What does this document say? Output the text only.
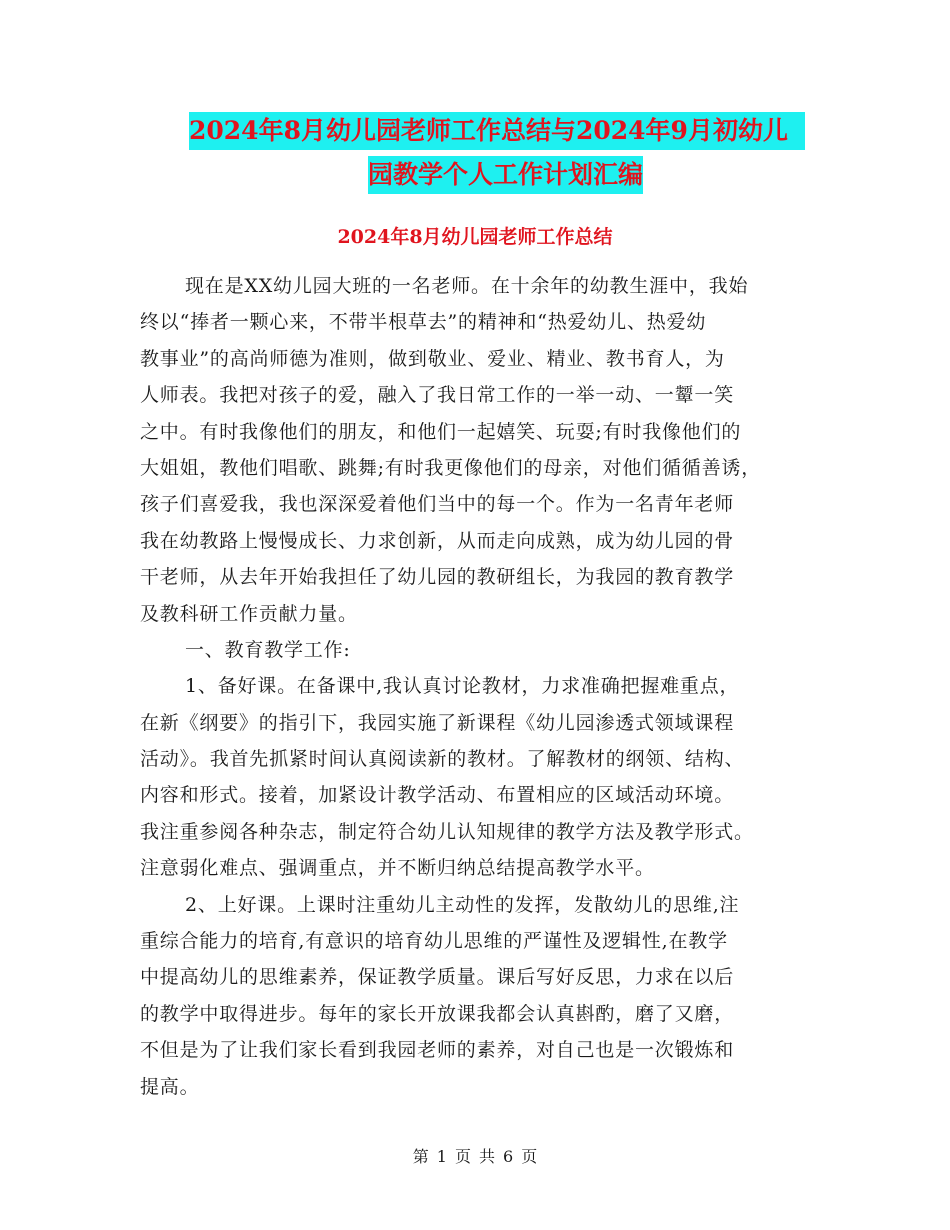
2024年8月幼儿园老师工作总结与2024年9月初幼儿
园教学个人工作计划汇编
2024年8月幼儿园老师工作总结
现在是XX幼儿园大班的一名老师。在十余年的幼教生涯中，我始
终以“捧者一颗心来，不带半根草去”的精神和“热爱幼儿、热爱幼
教事业”的高尚师德为准则，做到敬业、爱业、精业、教书育人，为
人师表。我把对孩子的爱，融入了我日常工作的一举一动、一颦一笑
之中。有时我像他们的朋友，和他们一起嬉笑、玩耍;有时我像他们的
大姐姐，教他们唱歌、跳舞;有时我更像他们的母亲，对他们循循善诱，
孩子们喜爱我，我也深深爱着他们当中的每一个。作为一名青年老师
我在幼教路上慢慢成长、力求创新，从而走向成熟，成为幼儿园的骨
干老师，从去年开始我担任了幼儿园的教研组长，为我园的教育教学
及教科研工作贡献力量。
一、教育教学工作:
1、备好课。在备课中,我认真讨论教材，力求准确把握难重点，
在新《纲要》的指引下，我园实施了新课程《幼儿园渗透式领域课程
活动》。我首先抓紧时间认真阅读新的教材。了解教材的纲领、结构、
内容和形式。接着，加紧设计教学活动、布置相应的区域活动环境。
我注重参阅各种杂志，制定符合幼儿认知规律的教学方法及教学形式。
注意弱化难点、强调重点，并不断归纳总结提高教学水平。
2、上好课。上课时注重幼儿主动性的发挥，发散幼儿的思维,注
重综合能力的培育,有意识的培育幼儿思维的严谨性及逻辑性,在教学
中提高幼儿的思维素养，保证教学质量。课后写好反思，力求在以后
的教学中取得进步。每年的家长开放课我都会认真斟酌，磨了又磨，
不但是为了让我们家长看到我园老师的素养，对自己也是一次锻炼和
提高。
第 1 页 共 6 页
